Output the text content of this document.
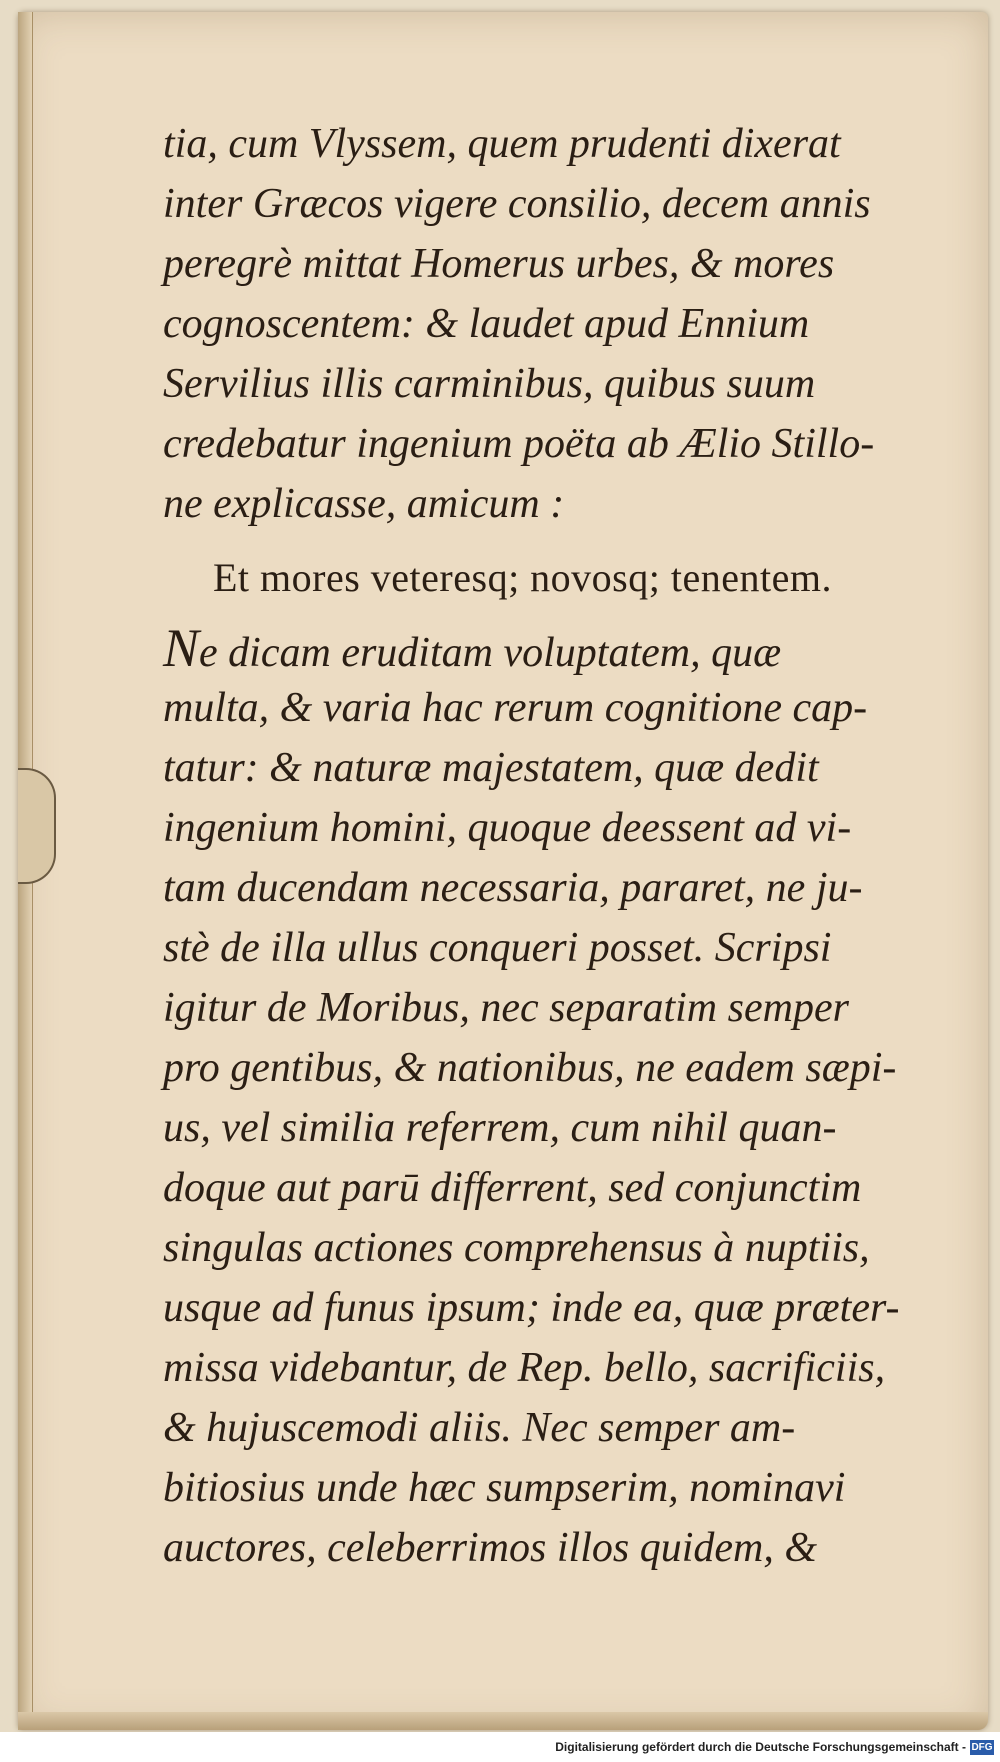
tia, cum Vlyssem, quem prudenti dixerat
inter Græcos vigere consilio, decem annis
peregrè mittat Homerus urbes, & mores
cognoscentem: & laudet apud Ennium
Servilius illis carminibus, quibus suum
credebatur ingenium poëta ab Ælio Stillo-
ne explicasse, amicum :
Et mores veteresq; novosq; tenentem.
Ne dicam eruditam voluptatem, quæ
multa, & varia hac rerum cognitione cap-
tatur: & naturæ majestatem, quæ dedit
ingenium homini, quoque deessent ad vi-
tam ducendam necessaria, pararet, ne ju-
stè de illa ullus conqueri posset. Scripsi
igitur de Moribus, nec separatim semper
pro gentibus, & nationibus, ne eadem sæpi-
us, vel similia referrem, cum nihil quan-
doque aut parū differrent, sed conjunctim
singulas actiones comprehensus à nuptiis,
usque ad funus ipsum; inde ea, quæ præter-
missa videbantur, de Rep. bello, sacrificiis,
& hujuscemodi aliis. Nec semper am-
bitiosius unde hæc sumpserim, nominavi
auctores, celeberrimos illos quidem, &
Digitalisierung gefördert durch die Deutsche Forschungsgemeinschaft - DFG
